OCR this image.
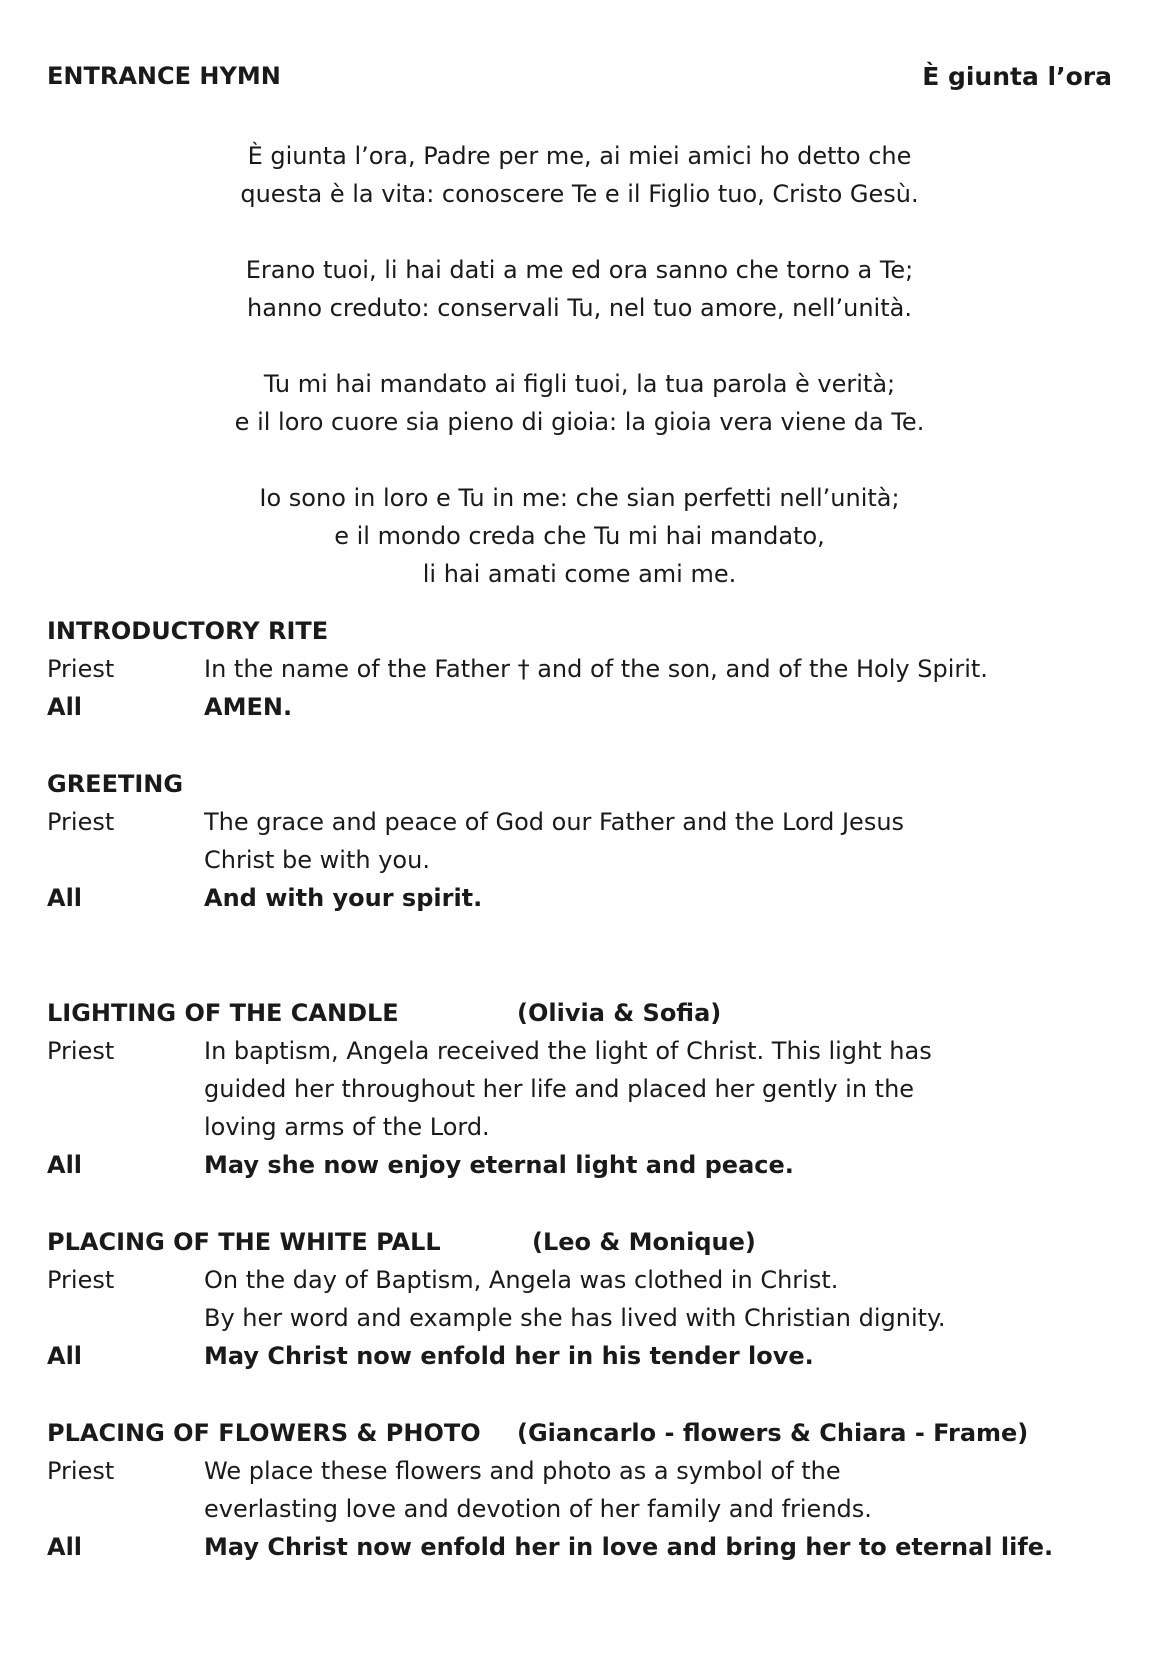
ENTRANCE HYMN	È giunta l’ora
È giunta l’ora, Padre per me, ai miei amici ho detto che
questa è la vita: conoscere Te e il Figlio tuo, Cristo Gesù.
Erano tuoi, li hai dati a me ed ora sanno che torno a Te;
hanno creduto: conservali Tu, nel tuo amore, nell’unità.
Tu mi hai mandato ai figli tuoi, la tua parola è verità;
e il loro cuore sia pieno di gioia: la gioia vera viene da Te.
Io sono in loro e Tu in me: che sian perfetti nell’unità;
e il mondo creda che Tu mi hai mandato,
li hai amati come ami me.
INTRODUCTORY RITE
Priest	In the name of the Father † and of the son, and of the Holy Spirit.
All	AMEN.
GREETING
Priest	The grace and peace of God our Father and the Lord Jesus
Christ be with you.
All	And with your spirit.
LIGHTING OF THE CANDLE	(Olivia & Sofia)
Priest	In baptism, Angela received the light of Christ. This light has
guided her throughout her life and placed her gently in the
loving arms of the Lord.
All	May she now enjoy eternal light and peace.
PLACING OF THE WHITE PALL	(Leo & Monique)
Priest	On the day of Baptism, Angela was clothed in Christ.
By her word and example she has lived with Christian dignity.
All	May Christ now enfold her in his tender love.
PLACING OF FLOWERS & PHOTO (Giancarlo - flowers & Chiara - Frame)
Priest	We place these flowers and photo as a symbol of the
everlasting love and devotion of her family and friends.
All	May Christ now enfold her in love and bring her to eternal life.
